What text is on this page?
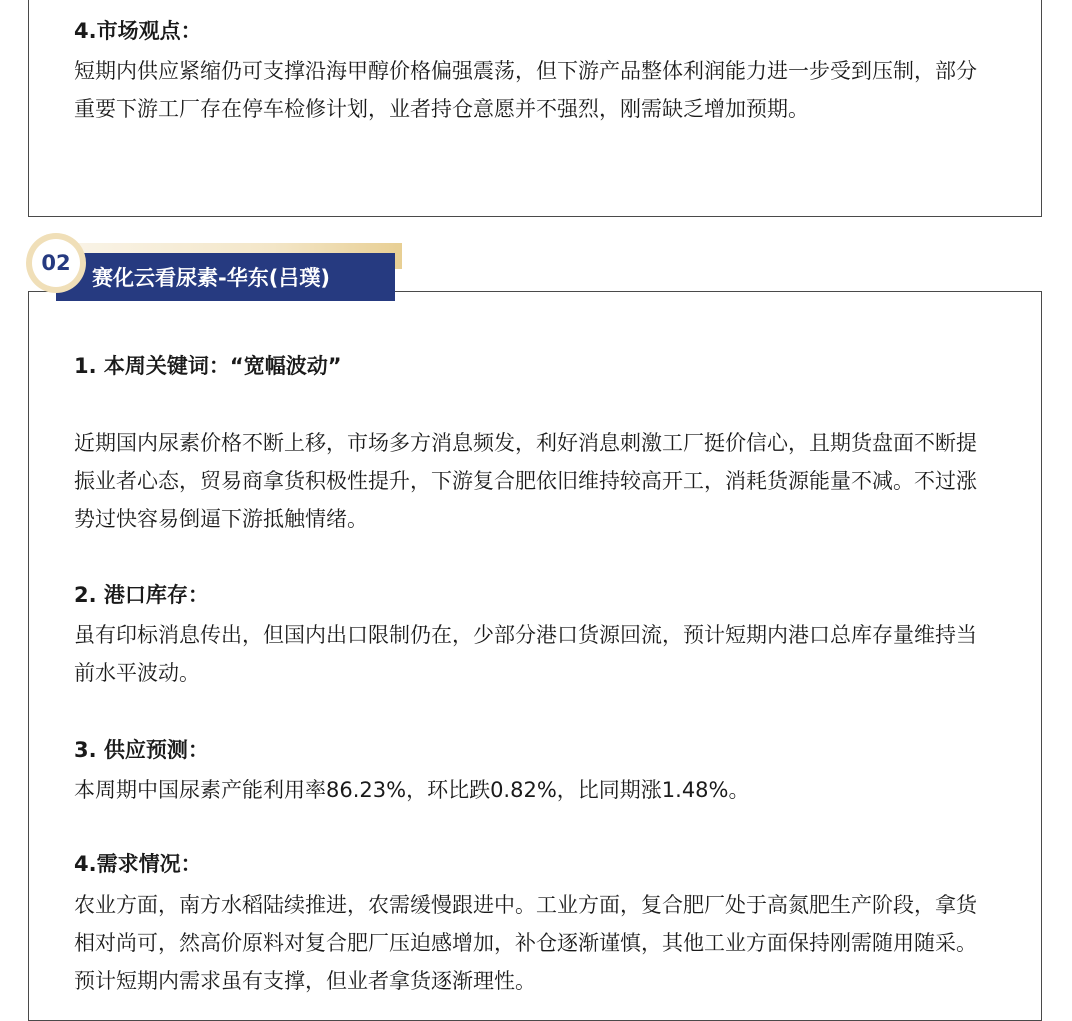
4.市场观点：
短期内供应紧缩仍可支撑沿海甲醇价格偏强震荡，但下游产品整体利润能力进一步受到压制，部分重要下游工厂存在停车检修计划，业者持仓意愿并不强烈，刚需缺乏增加预期。
赛化云看尿素-华东(吕璞)
02
1. 本周关键词：“宽幅波动”
近期国内尿素价格不断上移，市场多方消息频发，利好消息刺激工厂挺价信心，且期货盘面不断提振业者心态，贸易商拿货积极性提升，下游复合肥依旧维持较高开工，消耗货源能量不减。不过涨势过快容易倒逼下游抵触情绪。
2. 港口库存：
虽有印标消息传出，但国内出口限制仍在，少部分港口货源回流，预计短期内港口总库存量维持当前水平波动。
3. 供应预测：
本周期中国尿素产能利用率86.23%，环比跌0.82%，比同期涨1.48%。
4.需求情况：
农业方面，南方水稻陆续推进，农需缓慢跟进中。工业方面，复合肥厂处于高氮肥生产阶段，拿货相对尚可，然高价原料对复合肥厂压迫感增加，补仓逐渐谨慎，其他工业方面保持刚需随用随采。预计短期内需求虽有支撑，但业者拿货逐渐理性。
